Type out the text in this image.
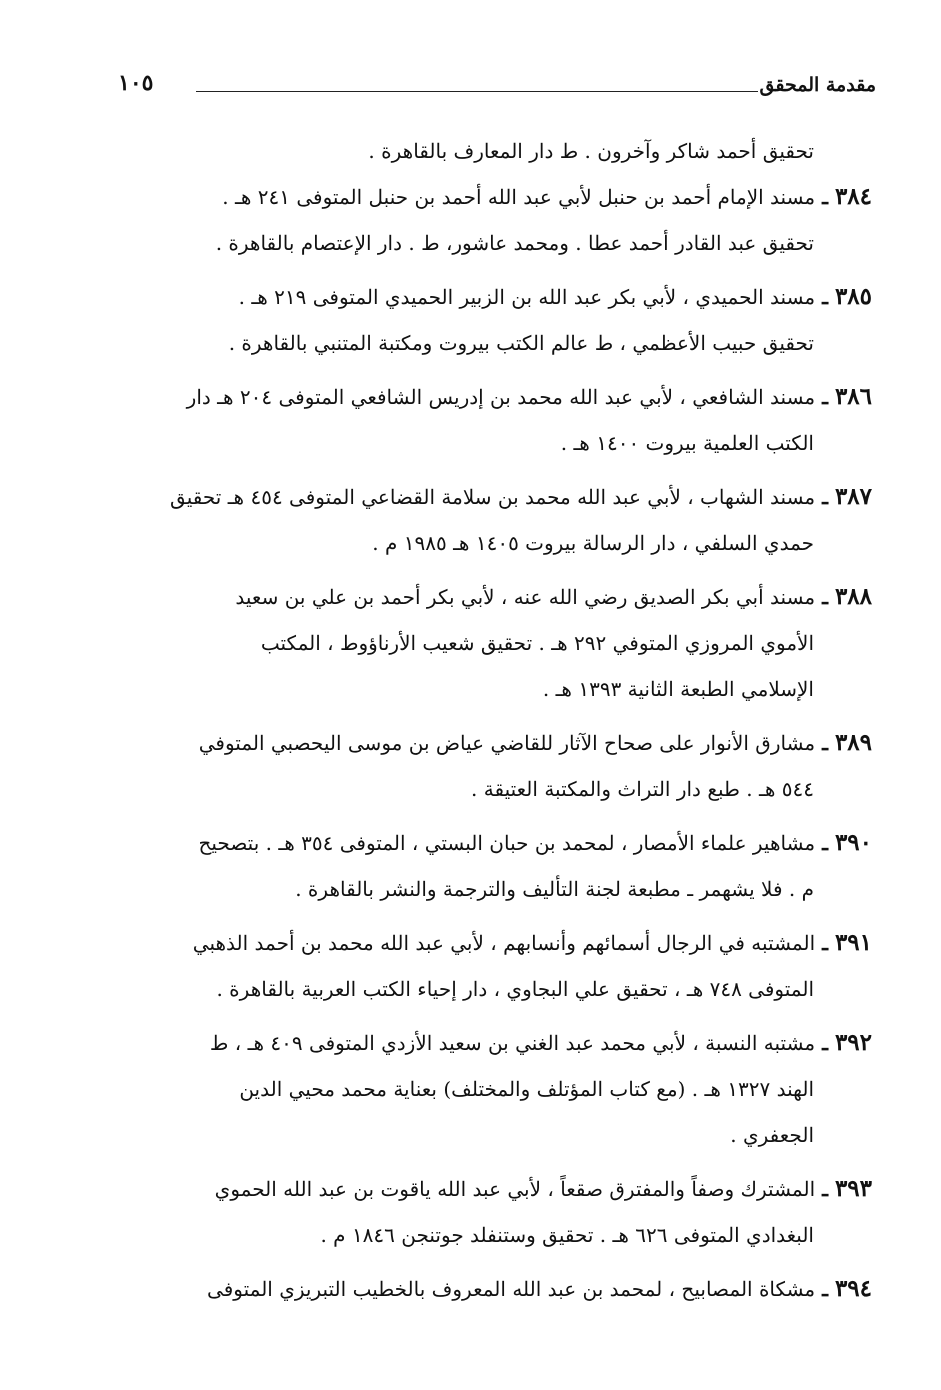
مقدمة المحقق
١٠٥
تحقيق أحمد شاكر وآخرون . ط دار المعارف بالقاهرة .
٣٨٤ ـ مسند الإمام أحمد بن حنبل لأبي عبد الله أحمد بن حنبل المتوفى ٢٤١ هـ .
تحقيق عبد القادر أحمد عطا . ومحمد عاشور، ط . دار الإعتصام بالقاهرة .
٣٨٥ ـ مسند الحميدي ، لأبي بكر عبد الله بن الزبير الحميدي المتوفى ٢١٩ هـ .
تحقيق حبيب الأعظمي ، ط عالم الكتب بيروت ومكتبة المتنبي بالقاهرة .
٣٨٦ ـ مسند الشافعي ، لأبي عبد الله محمد بن إدريس الشافعي المتوفى ٢٠٤ هـ دار
الكتب العلمية بيروت ١٤٠٠ هـ .
٣٨٧ ـ مسند الشهاب ، لأبي عبد الله محمد بن سلامة القضاعي المتوفى ٤٥٤ هـ تحقيق
حمدي السلفي ، دار الرسالة بيروت ١٤٠٥ هـ ١٩٨٥ م .
٣٨٨ ـ مسند أبي بكر الصديق رضي الله عنه ، لأبي بكر أحمد بن علي بن سعيد
الأموي المروزي المتوفي ٢٩٢ هـ . تحقيق شعيب الأرناؤوط ، المكتب
الإسلامي الطبعة الثانية ١٣٩٣ هـ .
٣٨٩ ـ مشارق الأنوار على صحاح الآثار للقاضي عياض بن موسى اليحصبي المتوفي
٥٤٤ هـ . طبع دار التراث والمكتبة العتيقة .
٣٩٠ ـ مشاهير علماء الأمصار ، لمحمد بن حبان البستي ، المتوفى ٣٥٤ هـ . بتصحيح
م . فلا يشهمر ـ مطبعة لجنة التأليف والترجمة والنشر بالقاهرة .
٣٩١ ـ المشتبه في الرجال أسمائهم وأنسابهم ، لأبي عبد الله محمد بن أحمد الذهبي
المتوفى ٧٤٨ هـ ، تحقيق علي البجاوي ، دار إحياء الكتب العربية بالقاهرة .
٣٩٢ ـ مشتبه النسبة ، لأبي محمد عبد الغني بن سعيد الأزدي المتوفى ٤٠٩ هـ ، ط
الهند ١٣٢٧ هـ . (مع كتاب المؤتلف والمختلف) بعناية محمد محيي الدين
الجعفري .
٣٩٣ ـ المشترك وصفاً والمفترق صقعاً ، لأبي عبد الله ياقوت بن عبد الله الحموي
البغدادي المتوفى ٦٢٦ هـ . تحقيق وستنفلد جوتنجن ١٨٤٦ م .
٣٩٤ ـ مشكاة المصابيح ، لمحمد بن عبد الله المعروف بالخطيب التبريزي المتوفى
